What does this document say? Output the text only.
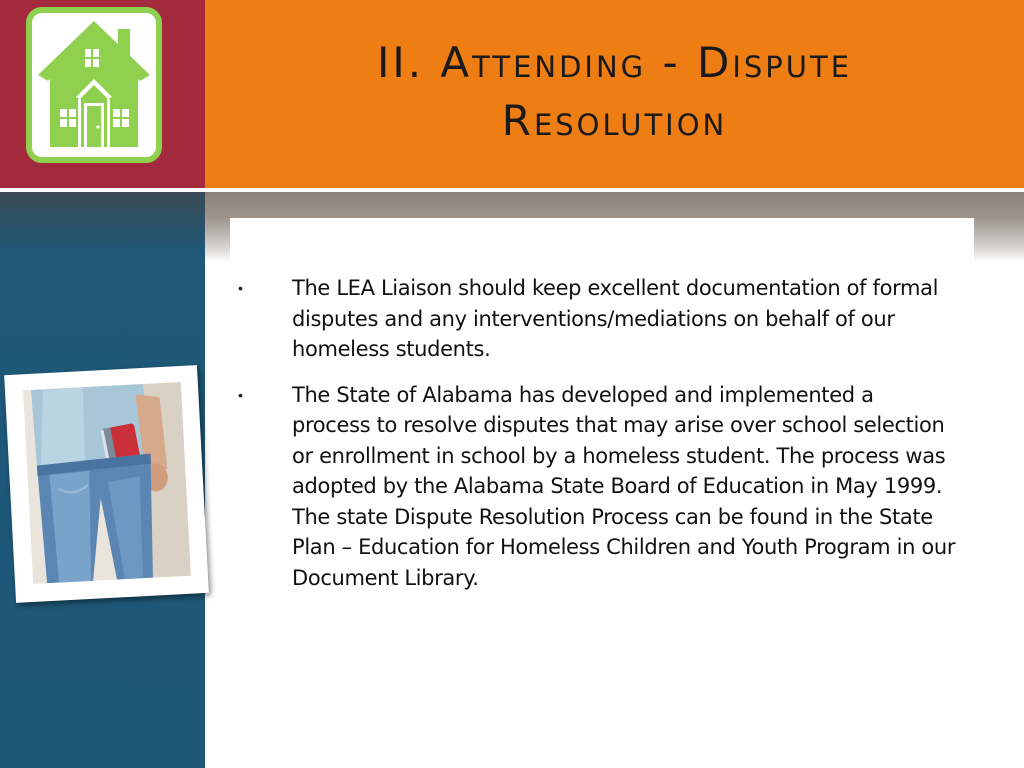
II. Attending - Dispute
Resolution
•	The LEA Liaison should keep excellent documentation of formal disputes and any interventions/mediations on behalf of our homeless students.
•	The State of Alabama has developed and implemented a process to resolve disputes that may arise over school selection or enrollment in school by a homeless student. The process was adopted by the Alabama State Board of Education in May 1999. The state Dispute Resolution Process can be found in the State Plan – Education for Homeless Children and Youth Program in our Document Library.
